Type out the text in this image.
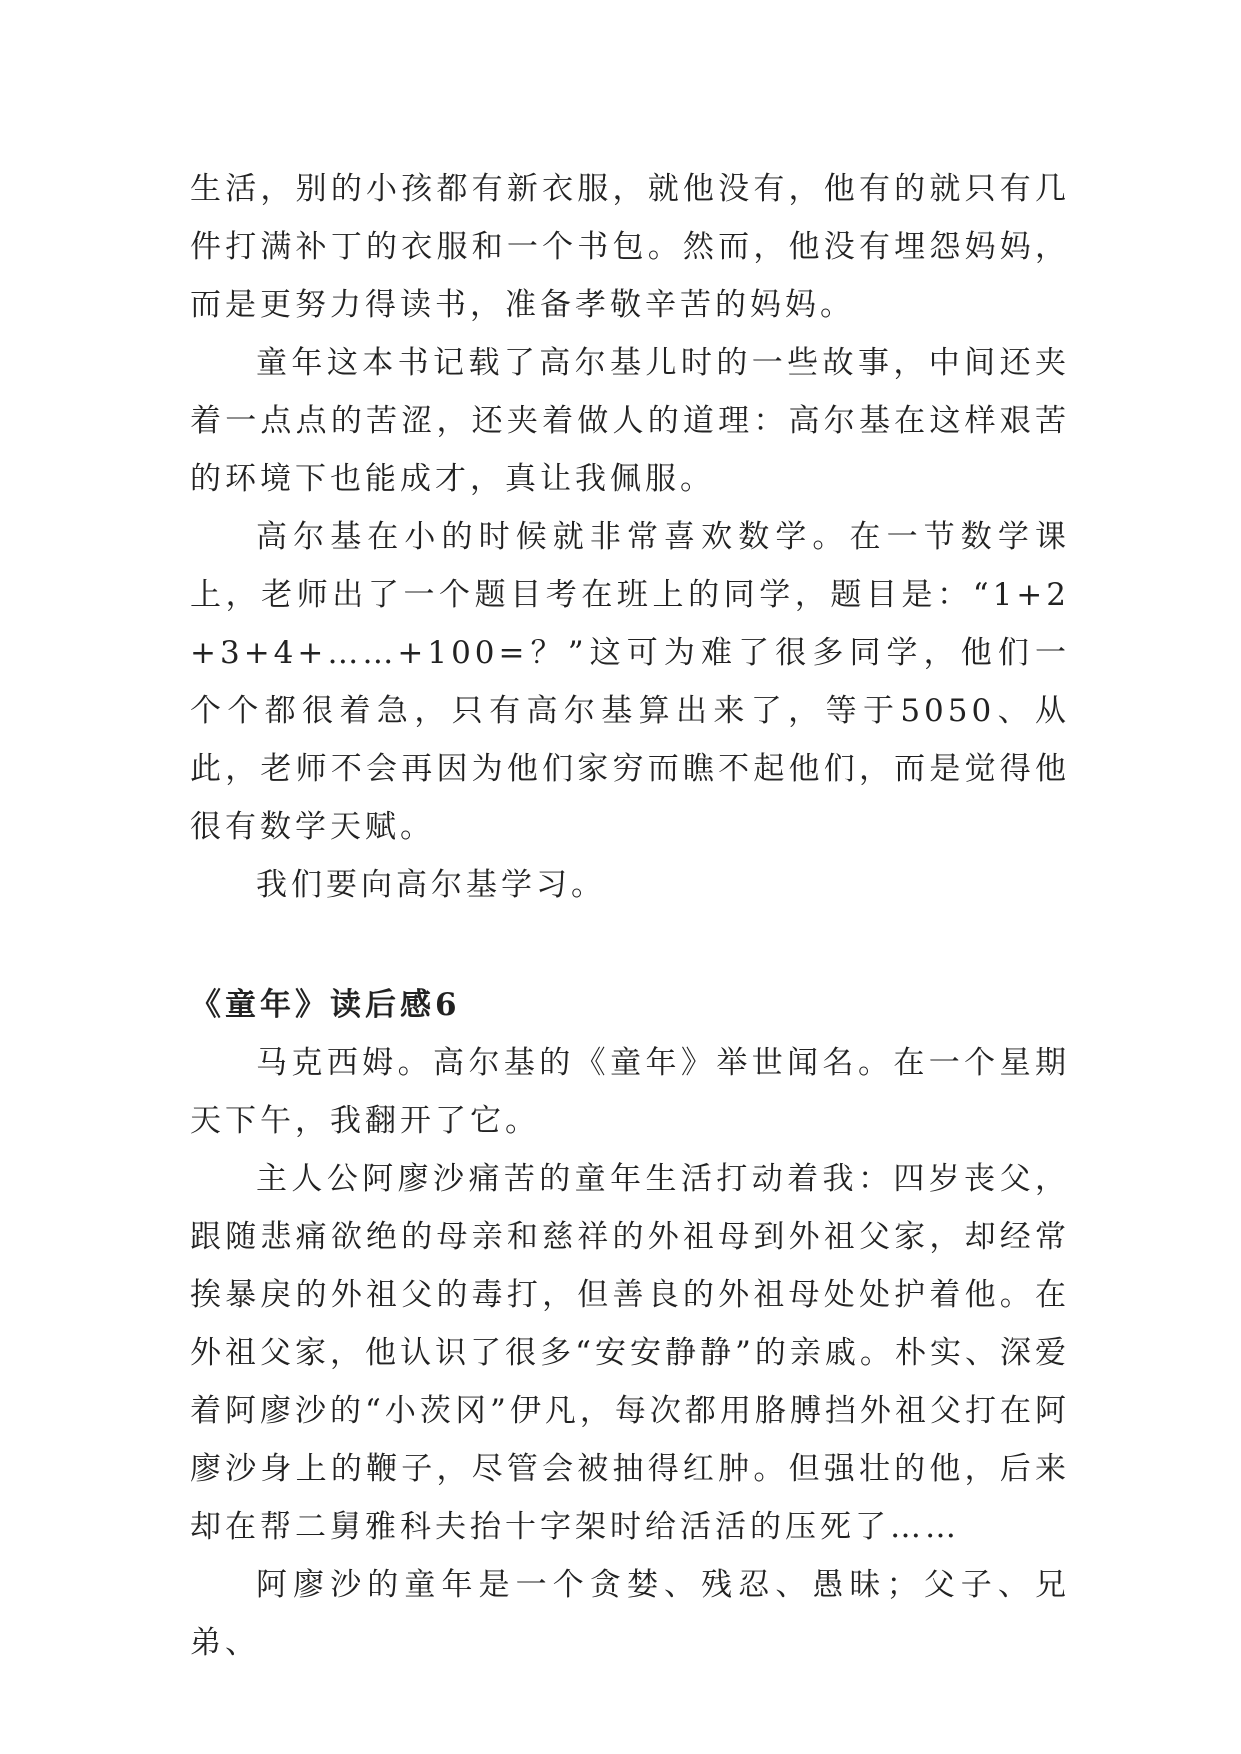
生活，别的小孩都有新衣服，就他没有，他有的就只有几件打满补丁的衣服和一个书包。然而，他没有埋怨妈妈，而是更努力得读书，准备孝敬辛苦的妈妈。

童年这本书记载了高尔基儿时的一些故事，中间还夹着一点点的苦涩，还夹着做人的道理：高尔基在这样艰苦的环境下也能成才，真让我佩服。

高尔基在小的时候就非常喜欢数学。在一节数学课上，老师出了一个题目考在班上的同学，题目是：“1+2+3+4+……+100=？”这可为难了很多同学，他们一个个都很着急，只有高尔基算出来了，等于5050、从此，老师不会再因为他们家穷而瞧不起他们，而是觉得他很有数学天赋。

我们要向高尔基学习。

《童年》读后感6

马克西姆。高尔基的《童年》举世闻名。在一个星期天下午，我翻开了它。

主人公阿廖沙痛苦的童年生活打动着我：四岁丧父，跟随悲痛欲绝的母亲和慈祥的外祖母到外祖父家，却经常挨暴戾的外祖父的毒打，但善良的外祖母处处护着他。在外祖父家，他认识了很多“安安静静”的亲戚。朴实、深爱着阿廖沙的“小茨冈”伊凡，每次都用胳膊挡外祖父打在阿廖沙身上的鞭子，尽管会被抽得红肿。但强壮的他，后来却在帮二舅雅科夫抬十字架时给活活的压死了……

阿廖沙的童年是一个贪婪、残忍、愚昧；父子、兄弟、
